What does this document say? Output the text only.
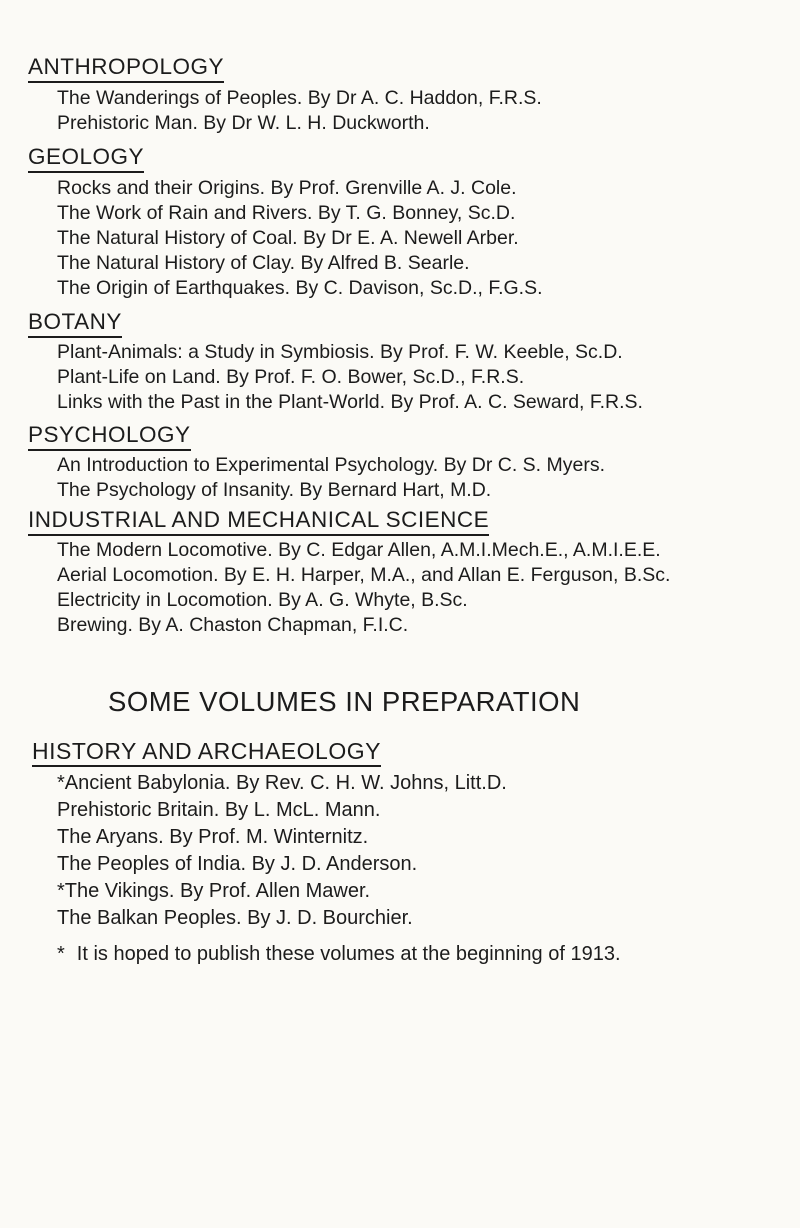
ANTHROPOLOGY
The Wanderings of Peoples. By Dr A. C. Haddon, F.R.S.
Prehistoric Man. By Dr W. L. H. Duckworth.
GEOLOGY
Rocks and their Origins. By Prof. Grenville A. J. Cole.
The Work of Rain and Rivers. By T. G. Bonney, Sc.D.
The Natural History of Coal. By Dr E. A. Newell Arber.
The Natural History of Clay. By Alfred B. Searle.
The Origin of Earthquakes. By C. Davison, Sc.D., F.G.S.
BOTANY
Plant-Animals: a Study in Symbiosis. By Prof. F. W. Keeble, Sc.D.
Plant-Life on Land. By Prof. F. O. Bower, Sc.D., F.R.S.
Links with the Past in the Plant-World. By Prof. A. C. Seward, F.R.S.
PSYCHOLOGY
An Introduction to Experimental Psychology. By Dr C. S. Myers.
The Psychology of Insanity. By Bernard Hart, M.D.
INDUSTRIAL AND MECHANICAL SCIENCE
The Modern Locomotive. By C. Edgar Allen, A.M.I.Mech.E., A.M.I.E.E.
Aerial Locomotion. By E. H. Harper, M.A., and Allan E. Ferguson, B.Sc.
Electricity in Locomotion. By A. G. Whyte, B.Sc.
Brewing. By A. Chaston Chapman, F.I.C.
SOME VOLUMES IN PREPARATION
HISTORY AND ARCHAEOLOGY
*Ancient Babylonia. By Rev. C. H. W. Johns, Litt.D.
Prehistoric Britain. By L. McL. Mann.
The Aryans. By Prof. M. Winternitz.
The Peoples of India. By J. D. Anderson.
*The Vikings. By Prof. Allen Mawer.
The Balkan Peoples. By J. D. Bourchier.
* It is hoped to publish these volumes at the beginning of 1913.
